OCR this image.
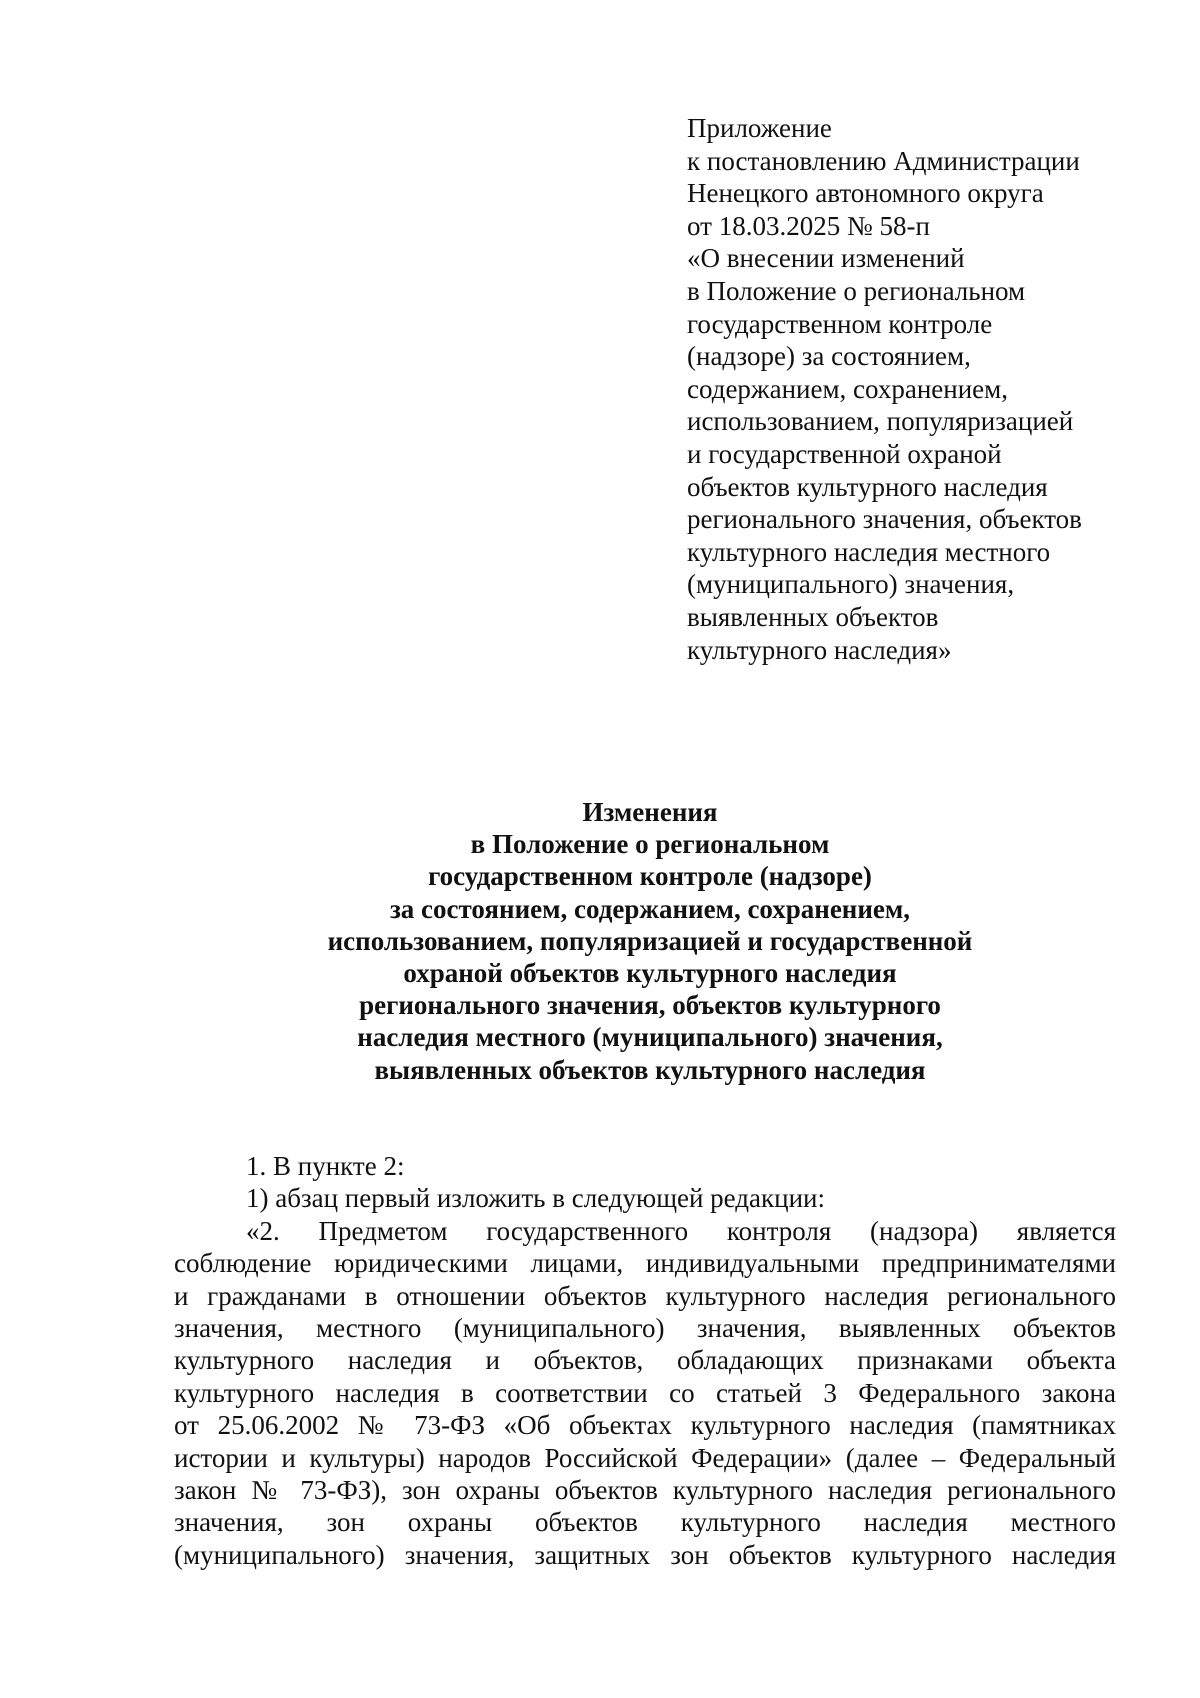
Приложение
к постановлению Администрации
Ненецкого автономного округа
от 18.03.2025 № 58-п
«О внесении изменений
в Положение о региональном
государственном контроле
(надзоре) за состоянием,
содержанием, сохранением,
использованием, популяризацией
и государственной охраной
объектов культурного наследия
регионального значения, объектов
культурного наследия местного
(муниципального) значения,
выявленных объектов
культурного наследия»
Изменения
в Положение о региональном
государственном контроле (надзоре)
за состоянием, содержанием, сохранением,
использованием, популяризацией и государственной
охраной объектов культурного наследия
регионального значения, объектов культурного
наследия местного (муниципального) значения,
выявленных объектов культурного наследия
1. В пункте 2:
1) абзац первый изложить в следующей редакции:
«2. Предметом государственного контроля (надзора) является
соблюдение юридическими лицами, индивидуальными предпринимателями
и гражданами в отношении объектов культурного наследия регионального
значения, местного (муниципального) значения, выявленных объектов
культурного наследия и объектов, обладающих признаками объекта
культурного наследия в соответствии со статьей 3 Федерального закона
от 25.06.2002 № 73-ФЗ «Об объектах культурного наследия (памятниках
истории и культуры) народов Российской Федерации» (далее – Федеральный
закон № 73-ФЗ), зон охраны объектов культурного наследия регионального
значения, зон охраны объектов культурного наследия местного
(муниципального) значения, защитных зон объектов культурного наследия
